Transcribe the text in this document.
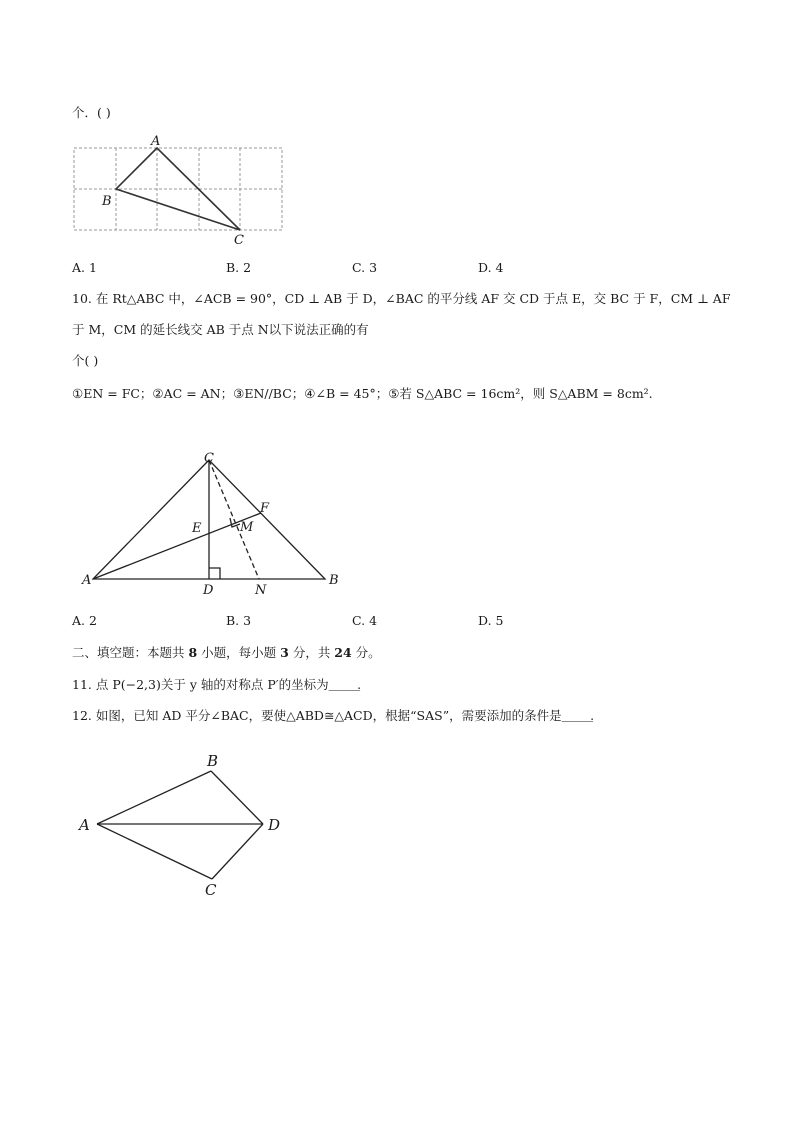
个．( )
A
B
C
A. 1	B. 2	C. 3	D. 4
10. 在 Rt△ABC 中，∠ACB = 90°，CD ⊥ AB 于 D，∠BAC 的平分线 AF 交 CD 于点 E，交 BC 于 F，CM ⊥ AF
于 M，CM 的延长线交 AB 于点 N以下说法正确的有
个( )
①EN = FC；②AC = AN；③EN//BC；④∠B = 45°；⑤若 S△ABC = 16cm²，则 S△ABM = 8cm².
C
F
E	M
A	B
D	N
A. 2	B. 3	C. 4	D. 5
二、填空题：本题共 8 小题，每小题 3 分，共 24 分。
11. 点 P(−2,3)关于 y 轴的对称点 P′的坐标为＿＿＿.
12. 如图，已知 AD 平分∠BAC，要使△ABD≅△ACD，根据“SAS”，需要添加的条件是＿＿＿.
B
A	D
C
